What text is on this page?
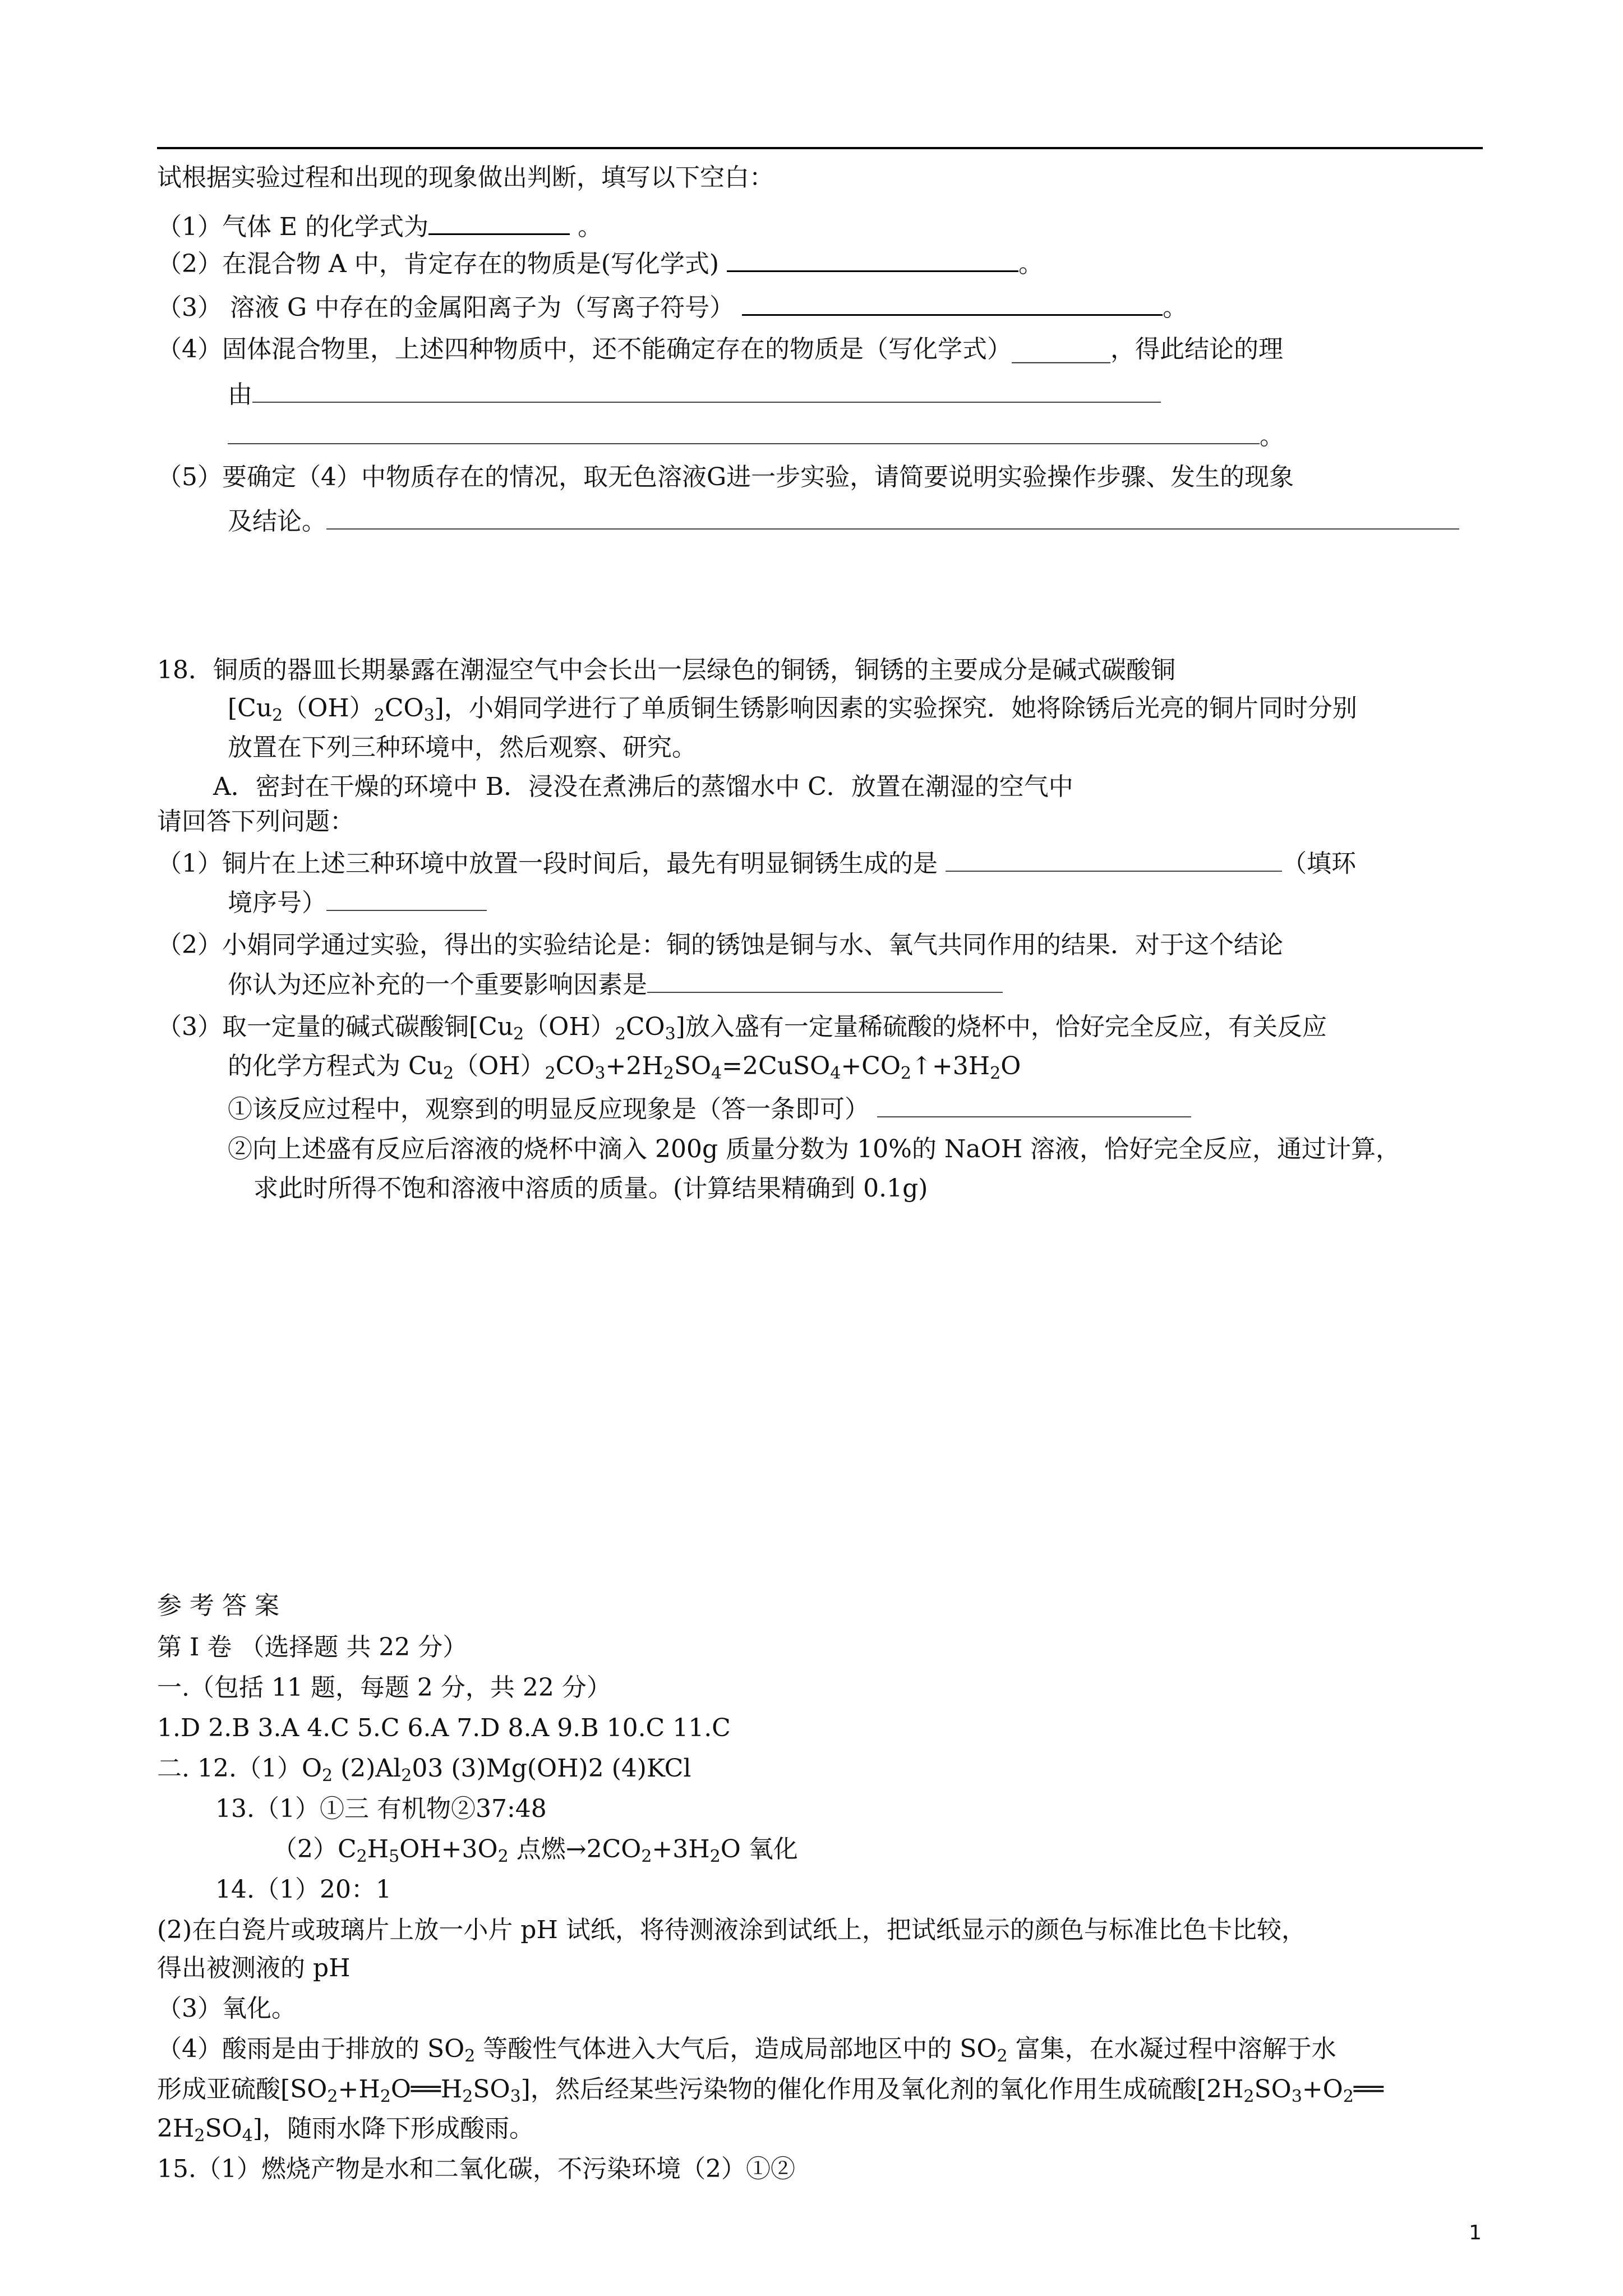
试根据实验过程和出现的现象做出判断，填写以下空白：
（1）气体 E 的化学式为	。
（2）在混合物 A 中，肯定存在的物质是(写化学式)	。
（3） 溶液 G 中存在的金属阳离子为（写离子符号）	。
（4）固体混合物里，上述四种物质中，还不能确定存在的物质是（写化学式）________，得此结论的理
由
。
（5）要确定（4）中物质存在的情况，取无色溶液G进一步实验，请简要说明实验操作步骤、发生的现象
及结论。
18．铜质的器皿长期暴露在潮湿空气中会长出一层绿色的铜锈，铜锈的主要成分是碱式碳酸铜
$[Cu_2(OH)_2CO_3]$，小娟同学进行了单质铜生锈影响因素的实验探究．她将除锈后光亮的铜片同时分别
放置在下列三种环境中，然后观察、研究。
A．密封在干燥的环境中 B．浸没在煮沸后的蒸馏水中 C．放置在潮湿的空气中
请回答下列问题：
（1）铜片在上述三种环境中放置一段时间后，最先有明显铜锈生成的是	（填环
境序号）
（2）小娟同学通过实验，得出的实验结论是：铜的锈蚀是铜与水、氧气共同作用的结果．对于这个结论
你认为还应补充的一个重要影响因素是
（3）取一定量的碱式碳酸铜$[Cu_2(OH)_2CO_3]$放入盛有一定量稀硫酸的烧杯中，恰好完全反应，有关反应
的化学方程式为 $Cu_2(OH)_2CO_3+2H_2SO_4=2CuSO_4+CO_2↑+3H_2O$
①该反应过程中，观察到的明显反应现象是（答一条即可）
②向上述盛有反应后溶液的烧杯中滴入 200g 质量分数为 10%的 NaOH 溶液，恰好完全反应，通过计算，
求此时所得不饱和溶液中溶质的质量。(计算结果精确到 0.1g)
参 考 答 案
第 I 卷 （选择题 共 22 分）
一.（包括 11 题，每题 2 分，共 22 分）
1.D 2.B 3.A 4.C 5.C 6.A 7.D 8.A 9.B 10.C 11.C
二. $12.(1)O_2$ $(2)Al_203$ (3)Mg(OH)2 (4)KCl
13.（1）①三 有机物②37:48
$(2)C_2H_5OH+3O_2$ 点燃$\to 2CO_2+3H_2O$ 氧化
14.（1）20：1
(2)在白瓷片或玻璃片上放一小片 pH 试纸，将待测液涂到试纸上，把试纸显示的颜色与标准比色卡比较，
得出被测液的 pH
（3）氧化。
（4）酸雨是由于排放的 $SO_2$ 等酸性气体进入大气后，造成局部地区中的 $SO_2$ 富集，在水凝过程中溶解于水
形成亚硫酸$[SO_2+H_2O══H_2SO_3]$，然后经某些污染物的催化作用及氧化剂的氧化作用生成硫酸[$2H_2SO_3+O_2══$
$2H_2SO_4$]，随雨水降下形成酸雨。
15.（1）燃烧产物是水和二氧化碳，不污染环境（2）①②
1
